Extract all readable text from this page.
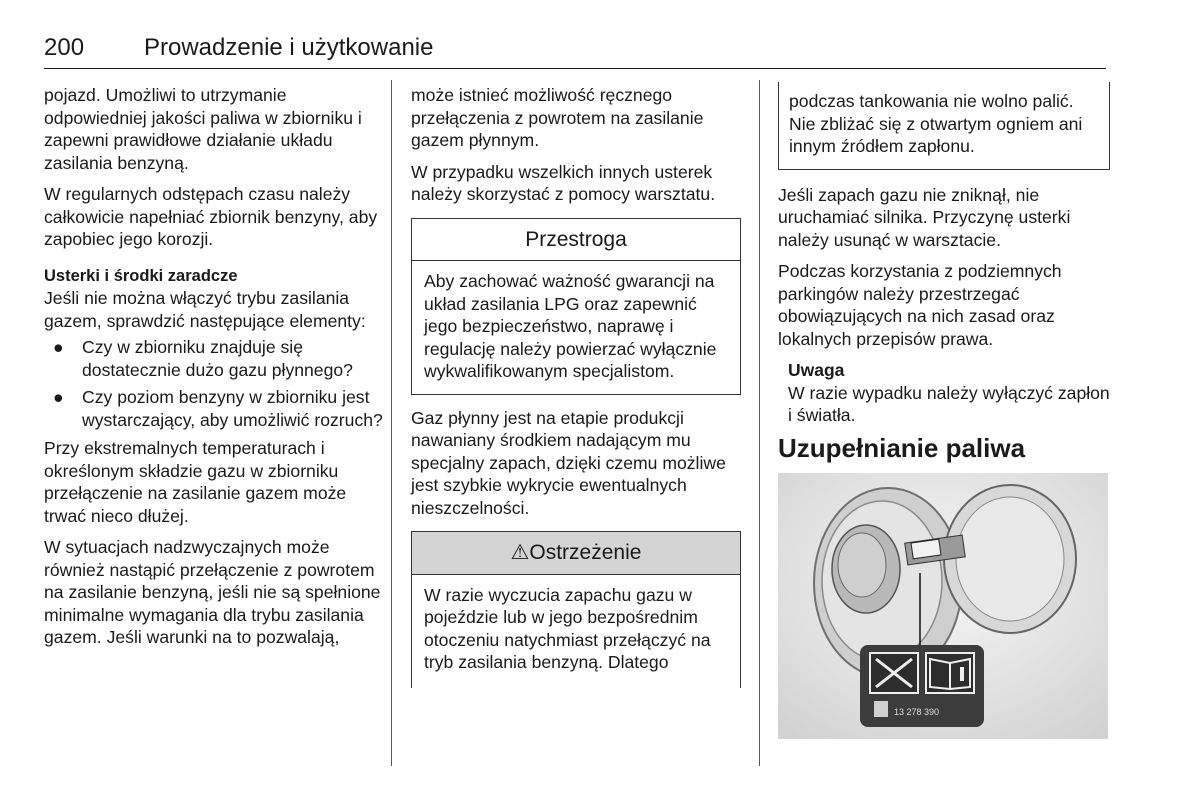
200 Prowadzenie i użytkowanie

pojazd. Umożliwi to utrzymanie odpowiedniej jakości paliwa w zbiorniku i zapewni prawidłowe działanie układu zasilania benzyną.

W regularnych odstępach czasu należy całkowicie napełniać zbiornik benzyny, aby zapobiec jego korozji.

Usterki i środki zaradcze

Jeśli nie można włączyć trybu zasilania gazem, sprawdzić następujące elementy:

● Czy w zbiorniku znajduje się dostatecznie dużo gazu płynnego?
● Czy poziom benzyny w zbiorniku jest wystarczający, aby umożliwić rozruch?

Przy ekstremalnych temperaturach i określonym składzie gazu w zbiorniku przełączenie na zasilanie gazem może trwać nieco dłużej.

W sytuacjach nadzwyczajnych może również nastąpić przełączenie z powrotem na zasilanie benzyną, jeśli nie są spełnione minimalne wymagania dla trybu zasilania gazem. Jeśli warunki na to pozwalają,

może istnieć możliwość ręcznego przełączenia z powrotem na zasilanie gazem płynnym.

W przypadku wszelkich innych usterek należy skorzystać z pomocy warsztatu.

Przestroga
Aby zachować ważność gwarancji na układ zasilania LPG oraz zapewnić jego bezpieczeństwo, naprawę i regulację należy powierzać wyłącznie wykwalifikowanym specjalistom.

Gaz płynny jest na etapie produkcji nawaniany środkiem nadającym mu specjalny zapach, dzięki czemu możliwe jest szybkie wykrycie ewentualnych nieszczelności.

⚠Ostrzeżenie
W razie wyczucia zapachu gazu w pojeździe lub w jego bezpośrednim otoczeniu natychmiast przełączyć na tryb zasilania benzyną. Dlatego
podczas tankowania nie wolno palić. Nie zbliżać się z otwartym ogniem ani innym źródłem zapłonu.

Jeśli zapach gazu nie zniknął, nie uruchamiać silnika. Przyczynę usterki należy usunąć w warsztacie.

Podczas korzystania z podziemnych parkingów należy przestrzegać obowiązujących na nich zasad oraz lokalnych przepisów prawa.

Uwaga
W razie wypadku należy wyłączyć zapłon i światła.
Uzupełnianie paliwa
13 278 390
